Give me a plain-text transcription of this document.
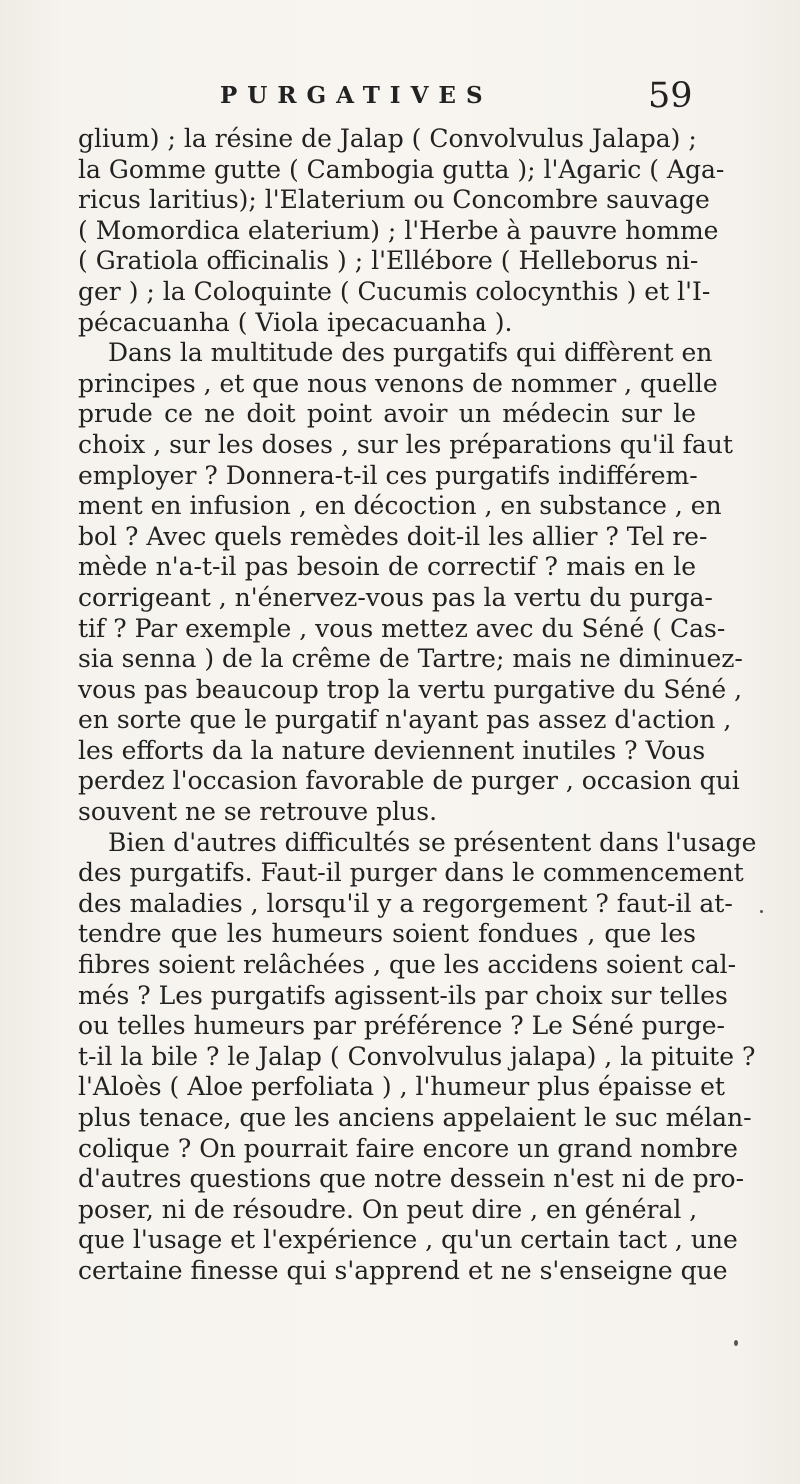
PURGATIVES	59
glium) ; la résine de Jalap ( Convolvulus Jalapa) ;
la Gomme gutte ( Cambogia gutta ); l'Agaric ( Aga-
ricus laritius); l'Elaterium ou Concombre sauvage
( Momordica elaterium) ; l'Herbe à pauvre homme
( Gratiola officinalis ) ; l'Ellébore ( Helleborus ni-
ger ) ; la Coloquinte ( Cucumis colocynthis ) et l'I-
pécacuanha ( Viola ipecacuanha ).
Dans la multitude des purgatifs qui diffèrent en
principes , et que nous venons de nommer , quelle
prude ce ne doit point avoir un médecin sur le
choix , sur les doses , sur les préparations qu'il faut
employer ? Donnera-t-il ces purgatifs indifférem-
ment en infusion , en décoction , en substance , en
bol ? Avec quels remèdes doit-il les allier ? Tel re-
mède n'a-t-il pas besoin de correctif ? mais en le
corrigeant , n'énervez-vous pas la vertu du purga-
tif ? Par exemple , vous mettez avec du Séné ( Cas-
sia senna ) de la crême de Tartre; mais ne diminuez-
vous pas beaucoup trop la vertu purgative du Séné ,
en sorte que le purgatif n'ayant pas assez d'action ,
les efforts da la nature deviennent inutiles ? Vous
perdez l'occasion favorable de purger , occasion qui
souvent ne se retrouve plus.
Bien d'autres difficultés se présentent dans l'usage
des purgatifs. Faut-il purger dans le commencement
des maladies , lorsqu'il y a regorgement ? faut-il at-
tendre que les humeurs soient fondues , que les
fibres soient relâchées , que les accidens soient cal-
més ? Les purgatifs agissent-ils par choix sur telles
ou telles humeurs par préférence ? Le Séné purge-
t-il la bile ? le Jalap ( Convolvulus jalapa) , la pituite ?
l'Aloès ( Aloe perfoliata ) , l'humeur plus épaisse et
plus tenace, que les anciens appelaient le suc mélan-
colique ? On pourrait faire encore un grand nombre
d'autres questions que notre dessein n'est ni de pro-
poser, ni de résoudre. On peut dire , en général ,
que l'usage et l'expérience , qu'un certain tact , une
certaine finesse qui s'apprend et ne s'enseigne que
